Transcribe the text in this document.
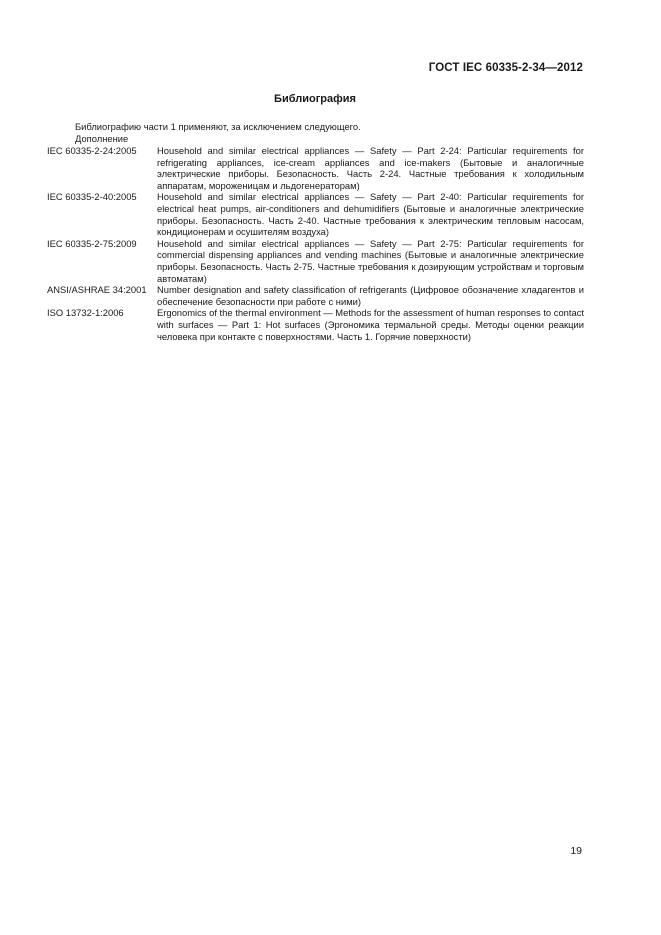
ГОСТ IEC 60335-2-34—2012
Библиография
Библиографию части 1 применяют, за исключением следующего.
Дополнение
IEC 60335-2-24:2005	Household and similar electrical appliances — Safety — Part 2-24: Particular requirements for refrigerating appliances, ice-cream appliances and ice-makers (Бытовые и аналогичные электрические приборы. Безопасность. Часть 2-24. Частные требования к холодильным аппаратам, мороженицам и льдогенераторам)
IEC 60335-2-40:2005	Household and similar electrical appliances — Safety — Part 2-40: Particular requirements for electrical heat pumps, air-conditioners and dehumidifiers (Бытовые и аналогичные электрические приборы. Безопасность. Часть 2-40. Частные требования к электрическим тепловым насосам, кондиционерам и осушителям воздуха)
IEC 60335-2-75:2009	Household and similar electrical appliances — Safety — Part 2-75: Particular requirements for commercial dispensing appliances and vending machines (Бытовые и аналогичные электрические приборы. Безопасность. Часть 2-75. Частные требования к дозирующим устройствам и торговым автоматам)
ANSI/ASHRAE 34:2001	Number designation and safety classification of refrigerants (Цифровое обозначение хладагентов и обеспечение безопасности при работе с ними)
ISO 13732-1:2006	Ergonomics of the thermal environment — Methods for the assessment of human responses to contact with surfaces — Part 1: Hot surfaces (Эргономика термальной среды. Методы оценки реакции человека при контакте с поверхностями. Часть 1. Горячие поверхности)
19
